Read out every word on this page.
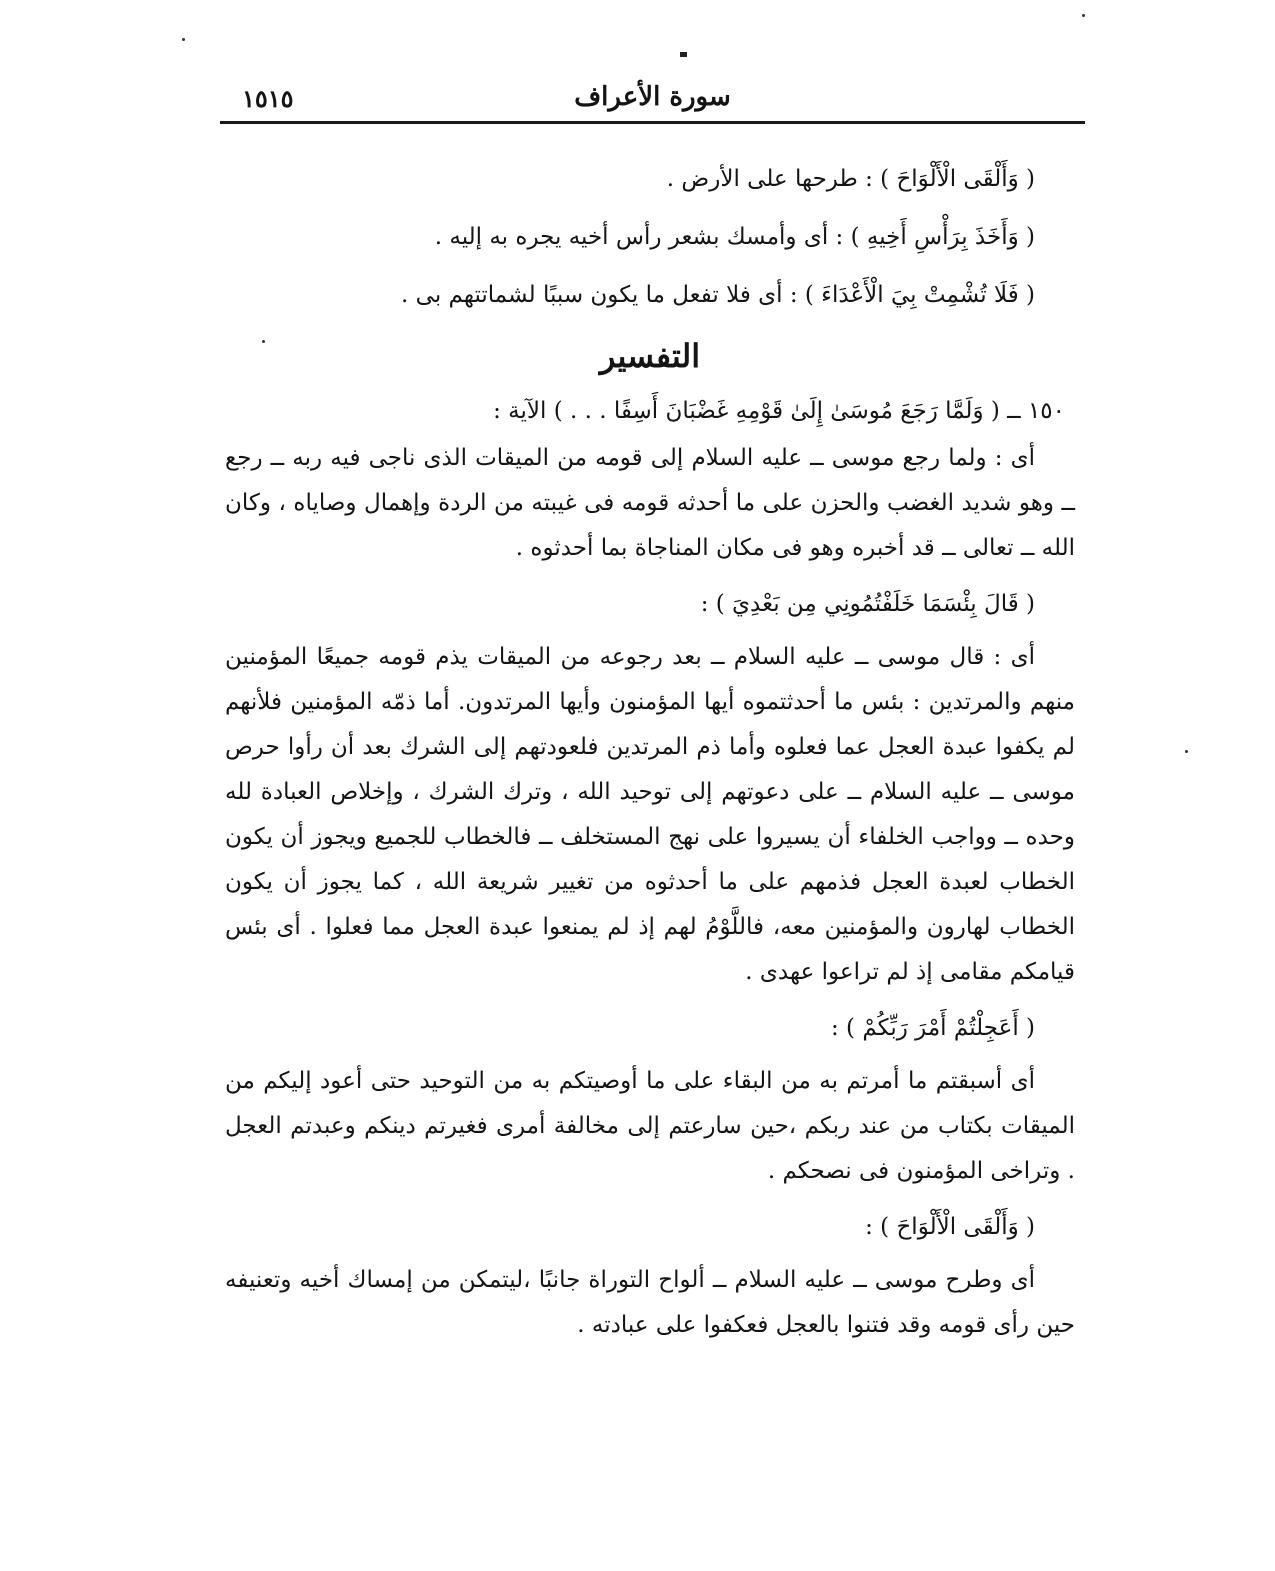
١٥١٥	سورة الأعراف
( وَأَلْقَى الْأَلْوَاحَ ) : طرحها على الأرض .
( وَأَخَذَ بِرَأْسِ أَخِيهِ ) : أى وأمسك بشعر رأس أخيه يجره به إليه .
( فَلَا تُشْمِتْ بِيَ الْأَعْدَاءَ ) : أى فلا تفعل ما يكون سببًا لشماتتهم بى .
التفسير
١٥٠ ــ ( وَلَمَّا رَجَعَ مُوسَىٰ إِلَىٰ قَوْمِهِ غَضْبَانَ أَسِفًا . . . ) الآية :

أى : ولما رجع موسى ــ عليه السلام إلى قومه من الميقات الذى ناجى فيه ربه ــ رجع ــ وهو شديد الغضب والحزن على ما أحدثه قومه فى غيبته من الردة وإهمال وصاياه ، وكان الله ــ تعالى ــ قد أخبره وهو فى مكان المناجاة بما أحدثوه .

( قَالَ بِئْسَمَا خَلَفْتُمُونِي مِن بَعْدِيَ ) :

أى : قال موسى ــ عليه السلام ــ بعد رجوعه من الميقات يذم قومه جميعًا المؤمنين منهم والمرتدين : بئس ما أحدثتموه أيها المؤمنون وأيها المرتدون. أما ذمّه المؤمنين فلأنهم لم يكفوا عبدة العجل عما فعلوه وأما ذم المرتدين فلعودتهم إلى الشرك بعد أن رأوا حرص موسى ــ عليه السلام ــ على دعوتهم إلى توحيد الله ، وترك الشرك ، وإخلاص العبادة لله وحده ــ وواجب الخلفاء أن يسيروا على نهج المستخلف ــ فالخطاب للجميع ويجوز أن يكون الخطاب لعبدة العجل فذمهم على ما أحدثوه من تغيير شريعة الله ، كما يجوز أن يكون الخطاب لهارون والمؤمنين معه، فاللَّوْمُ لهم إذ لم يمنعوا عبدة العجل مما فعلوا . أى بئس قيامكم مقامى إذ لم تراعوا عهدى .

( أَعَجِلْتُمْ أَمْرَ رَبِّكُمْ ) :

أى أسبقتم ما أمرتم به من البقاء على ما أوصيتكم به من التوحيد حتى أعود إليكم من الميقات بكتاب من عند ربكم ،حين سارعتم إلى مخالفة أمرى فغيرتم دينكم وعبدتم العجل . وتراخى المؤمنون فى نصحكم .

( وَأَلْقَى الْأَلْوَاحَ ) :

أى وطرح موسى ــ عليه السلام ــ ألواح التوراة جانبًا ،ليتمكن من إمساك أخيه وتعنيفه حين رأى قومه وقد فتنوا بالعجل فعكفوا على عبادته .
